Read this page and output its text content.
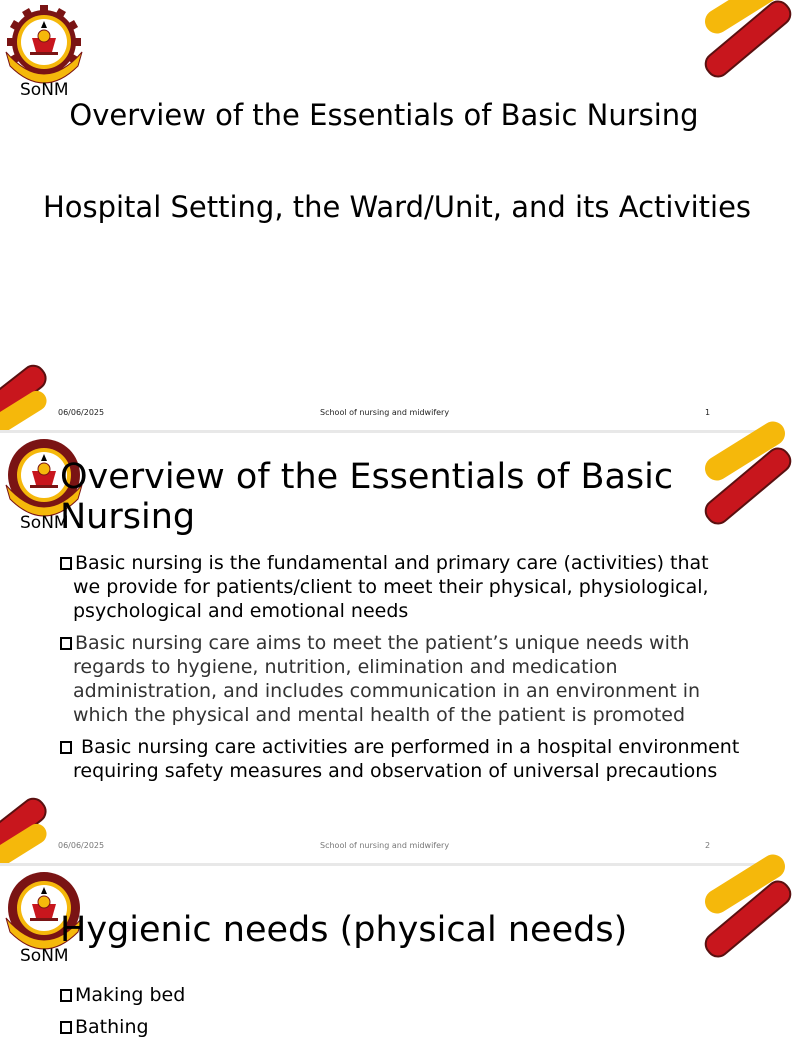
SoNM
Overview of the Essentials of Basic Nursing
Hospital Setting, the Ward/Unit, and its Activities
06/06/2025	School of nursing and midwifery	1
SoNM
Overview of the Essentials of Basic Nursing
Basic nursing is the fundamental and primary care (activities) that we provide for patients/client to meet their physical, physiological, psychological and emotional needs
Basic nursing care aims to meet the patient’s unique needs with regards to hygiene, nutrition, elimination and medication administration, and includes communication in an environment in which the physical and mental health of the patient is promoted
Basic nursing care activities are performed in a hospital environment requiring safety measures and observation of universal precautions
06/06/2025	School of nursing and midwifery	2
SoNM
Hygienic needs (physical needs)
Making bed
Bathing
